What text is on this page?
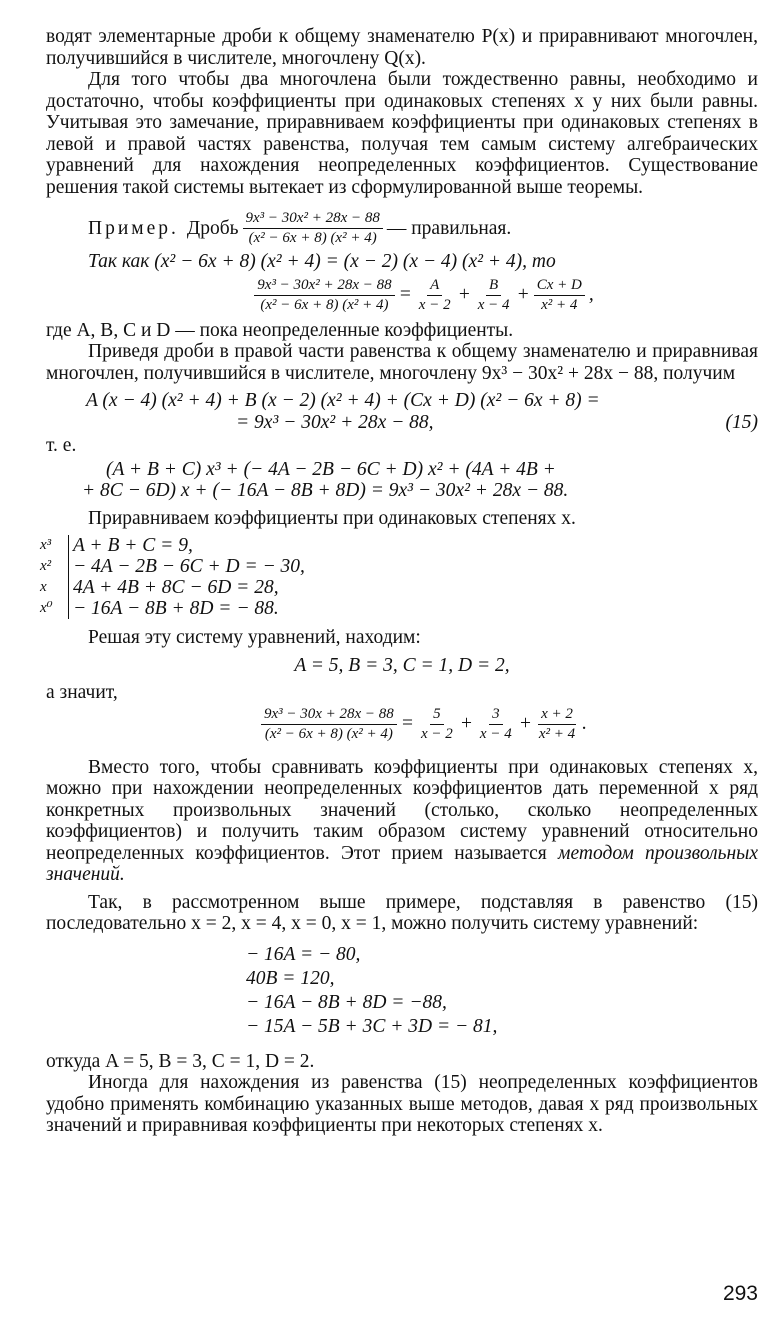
водят элементарные дроби к общему знаменателю P(x) и приравнивают многочлен, получившийся в числителе, многочлену Q(x).

Для того чтобы два многочлена были тождественно равны, необходимо и достаточно, чтобы коэффициенты при одинаковых степенях x у них были равны. Учитывая это замечание, приравниваем коэффициенты при одинаковых степенях в левой и правой частях равенства, получая тем самым систему алгебраических уравнений для нахождения неопределенных коэффициентов. Существование решения такой системы вытекает из сформулированной выше теоремы.

Пример. Дробь $\frac{\text{9x³ − 30x² + 28x − 88}}{\text{(x² − 6x + 8) (x² + 4)}}$ — правильная.

Так как (x² − 6x + 8) (x² + 4) = (x − 2) (x − 4) (x² + 4), то

$\frac{\text{9x³ − 30x² + 28x − 88}}{\text{(x² − 6x + 8) (x² + 4)}} = \frac{A}{x - 2} + \frac{B}{x - 4} + \frac{Cx + D}{\text{x² + 4}}$ ,

где A, B, C и D — пока неопределенные коэффициенты.

Приведя дроби в правой части равенства к общему знаменателю и приравнивая многочлен, получившийся в числителе, многочлену 9x³ − 30x² + 28x − 88, получим

A (x − 4) (x² + 4) + B (x − 2) (x² + 4) + (Cx + D) (x² − 6x + 8) =
= 9x³ − 30x² + 28x − 88,	(15)

т. е.

(A + B + C) x³ + (− 4A − 2B − 6C + D) x² + (4A + 4B +
+ 8C − 6D) x + (− 16A − 8B + 8D) = 9x³ − 30x² + 28x − 88.

Приравниваем коэффициенты при одинаковых степенях x.

x³
x²
x
x⁰
A + B + C = 9,
− 4A − 2B − 6C + D = − 30,
4A + 4B + 8C − 6D = 28,
− 16A − 8B + 8D = − 88.

Решая эту систему уравнений, находим:

A = 5, B = 3, C = 1, D = 2,

а значит,

$\frac{\text{9x³ − 30x + 28x − 88}}{\text{(x² − 6x + 8) (x² + 4)}} = \frac{5}{x - 2} + \frac{3}{x - 4} + \frac{x + 2}{\text{x² + 4}}$ .

Вместо того, чтобы сравнивать коэффициенты при одинаковых степенях x, можно при нахождении неопределенных коэффициентов дать переменной x ряд конкретных произвольных значений (столько, сколько неопределенных коэффициентов) и получить таким образом систему уравнений относительно неопределенных коэффициентов. Этот прием называется методом произвольных значений.

Так, в рассмотренном выше примере, подставляя в равенство (15) последовательно x = 2, x = 4, x = 0, x = 1, можно получить систему уравнений:

− 16A = − 80,
40B = 120,
− 16A − 8B + 8D = −88,
− 15A − 5B + 3C + 3D = − 81,

откуда A = 5, B = 3, C = 1, D = 2.

Иногда для нахождения из равенства (15) неопределенных коэффициентов удобно применять комбинацию указанных выше методов, давая x ряд произвольных значений и приравнивая коэффициенты при некоторых степенях x.

293
